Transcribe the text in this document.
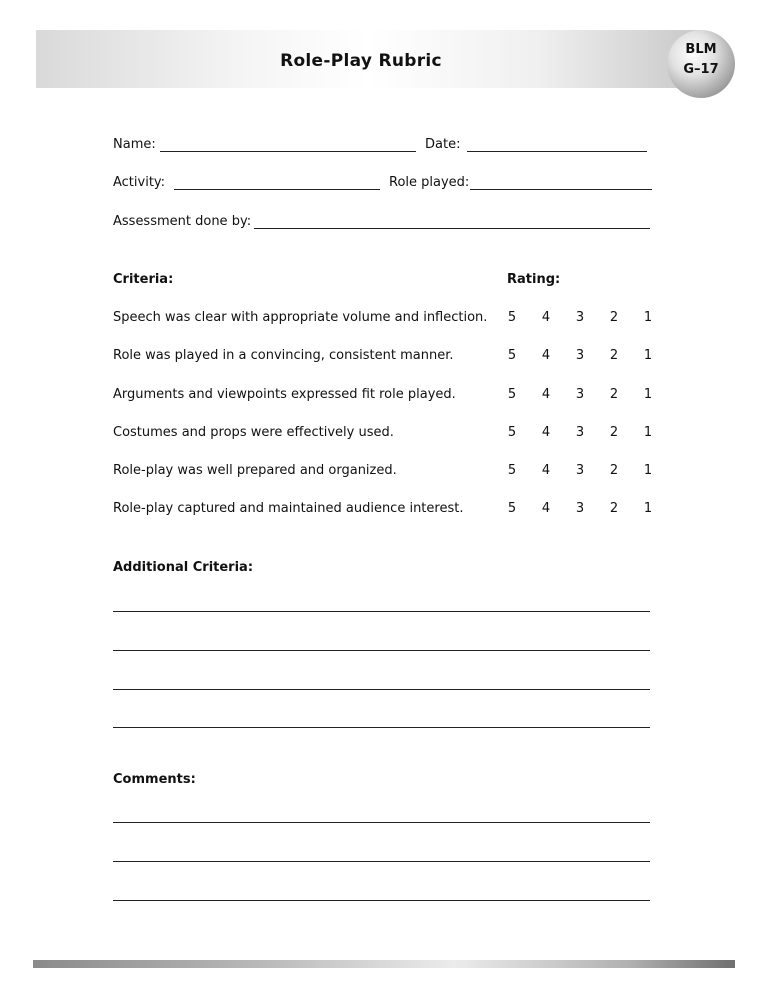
Role-Play Rubric
BLM
G–17
Name:	Date:
Activity:	Role played:
Assessment done by:
Criteria:	Rating:
Speech was clear with appropriate volume and inflection. 5 4 3 2 1
Role was played in a convincing, consistent manner.	5 4 3 2 1
Arguments and viewpoints expressed fit role played.	5 4 3 2 1
Costumes and props were effectively used.	5 4 3 2 1
Role-play was well prepared and organized.	5 4 3 2 1
Role-play captured and maintained audience interest.	5 4 3 2 1
Additional Criteria:
Comments:
